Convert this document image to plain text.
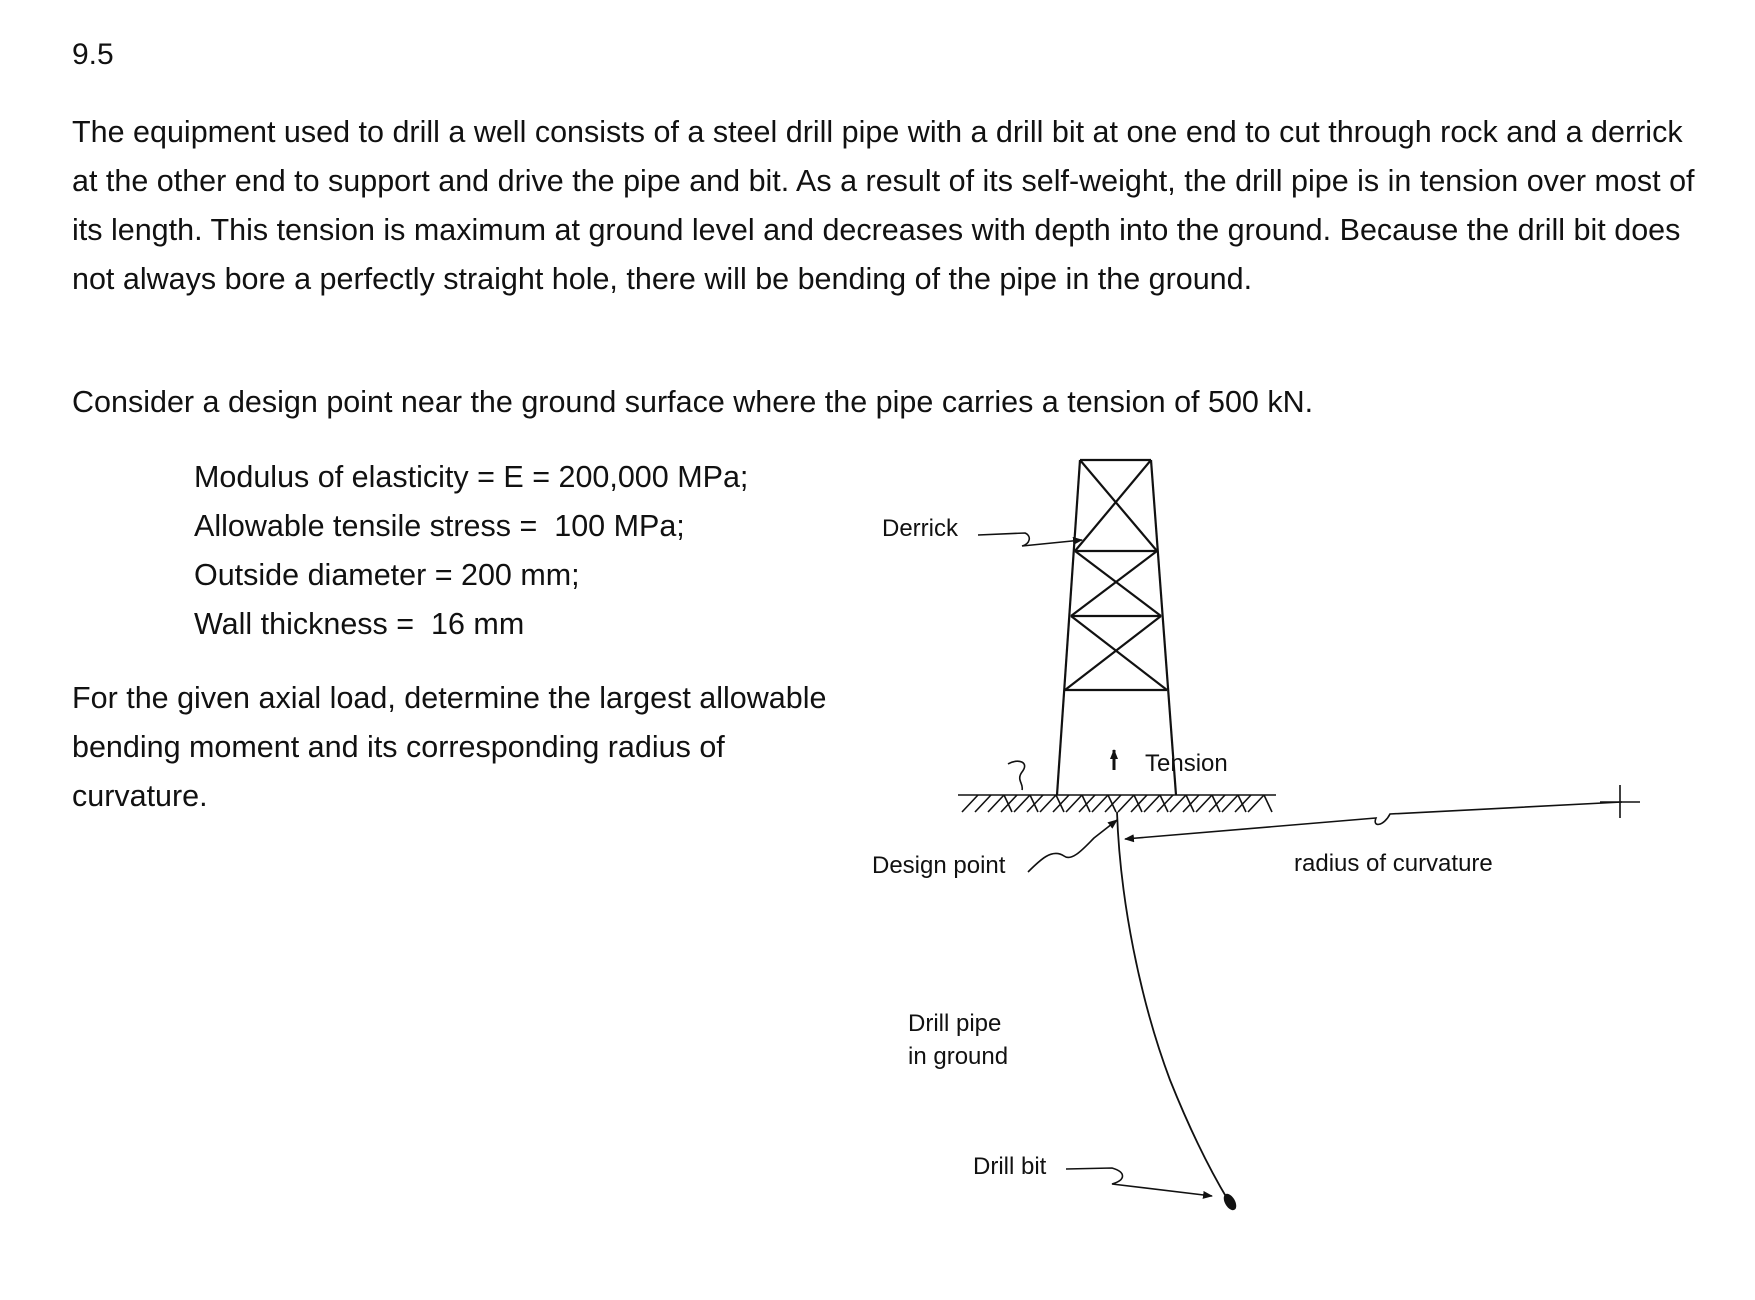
9.5

The equipment used to drill a well consists of a steel drill pipe with a drill bit at one end to cut through rock and a derrick at the other end to support and drive the pipe and bit. As a result of its self-weight, the drill pipe is in tension over most of its length. This tension is maximum at ground level and decreases with depth into the ground. Because the drill bit does not always bore a perfectly straight hole, there will be bending of the pipe in the ground.

Consider a design point near the ground surface where the pipe carries a tension of 500 kN.

Modulus of elasticity = E = 200,000 MPa;
Allowable tensile stress =  100 MPa;
Outside diameter = 200 mm;
Wall thickness =  16 mm

For the given axial load, determine the largest allowable bending moment and its corresponding radius of curvature.

Derrick
Tension
Design point	radius of curvature
Drill pipe
in ground
Drill bit
